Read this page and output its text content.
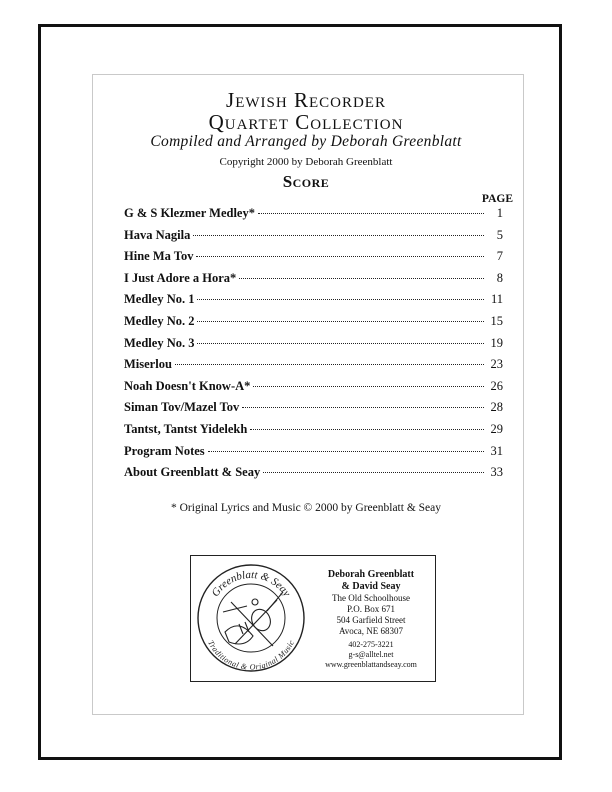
Jewish Recorder
Quartet Collection
Compiled and Arranged by Deborah Greenblatt
Copyright 2000 by Deborah Greenblatt
Score
PAGE
G & S Klezmer Medley*	1
Hava Nagila	5
Hine Ma Tov	7
I Just Adore a Hora*	8
Medley No. 1	11
Medley No. 2	15
Medley No. 3	19
Miserlou	23
Noah Doesn't Know-A*	26
Siman Tov/Mazel Tov	28
Tantst, Tantst Yidelekh	29
Program Notes	31
About Greenblatt & Seay	33
* Original Lyrics and Music © 2000 by Greenblatt & Seay
Greenblatt & Seay
Traditional & Original Music
Deborah Greenblatt
& David Seay
The Old Schoolhouse
P.O. Box 671
504 Garfield Street
Avoca, NE 68307
402-275-3221
g-s@alltel.net
www.greenblattandseay.com
